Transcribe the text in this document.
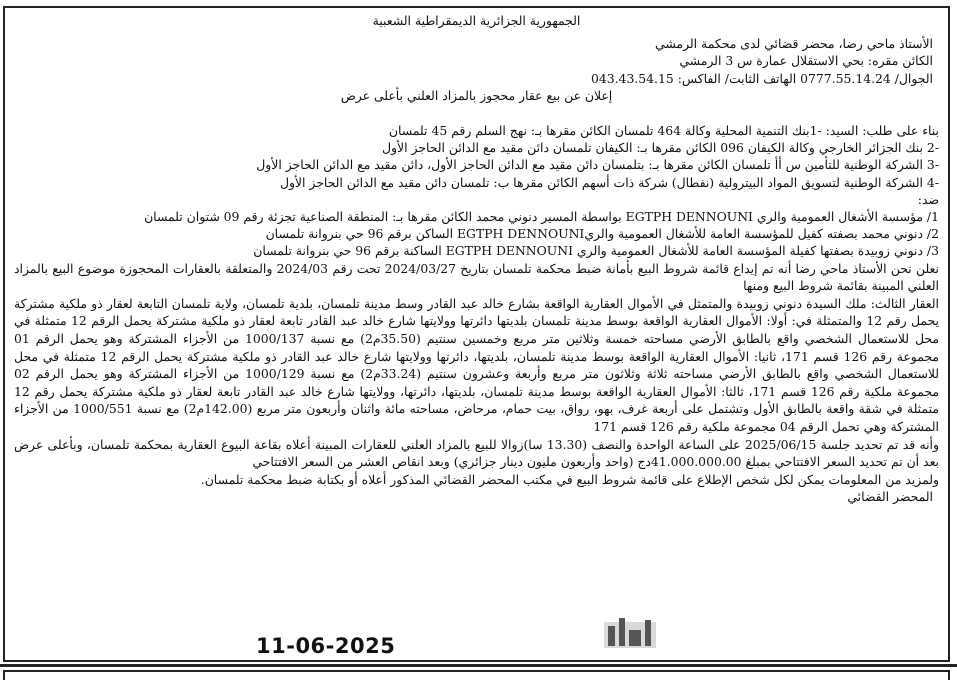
الجمهورية الجزائرية الديمقراطية الشعبية
الأستاذ ماحي رضا، محضر قضائي لدى محكمة الرمشي
الكائن مقره: بحي الاستقلال عمارة س 3 الرمشي
الجوال/ 0777.55.14.24 الهاتف الثابت/ الفاكس: 043.43.54.15
إعلان عن بيع عقار محجوز بالمزاد العلني بأعلى عرض
بناء على طلب: السيد: -1بنك التنمية المحلية وكالة 464 تلمسان الكائن مقرها بـ: نهج السلم رقم 45 تلمسان
-2 بنك الجزائر الخارجي وكالة الكيفان 096 الكائن مقرها بـ: الكيفان تلمسان دائن مقيد مع الدائن الحاجز الأول
-3 الشركة الوطنية للتأمين س أأ تلمسان الكائن مقرها بـ: بتلمسان دائن مقيد مع الدائن الحاجز الأول، دائن مقيد مع الدائن الحاجز الأول
-4 الشركة الوطنية لتسويق المواد البيترولية (نفطال) شركة ذات أسهم الكائن مقرها ب: تلمسان دائن مقيد مع الدائن الحاجز الأول
ضد:
1/ مؤسسة الأشغال العمومية والري EGTPH DENNOUNI بواسطة المسير دنوني محمد الكائن مقرها بـ: المنطقة الصناعية تجزئة رقم 09 شتوان تلمسان
2/ دنوني محمد بصفته كفيل للمؤسسة العامة للأشغال العمومية والريEGTPH DENNOUNI الساكن برقم 96 حي بنروانة تلمسان
3/ دنوني زوبيدة بصفتها كفيلة المؤسسة العامة للأشغال العمومية والري EGTPH DENNOUNI الساكنة برقم 96 حي بنروانة تلمسان
نعلن نحن الأستاذ ماحي رضا أنه تم إيداع قائمة شروط البيع بأمانة ضبط محكمة تلمسان بتاريخ 2024/03/27 تحت رقم 2024/03 والمتعلقة بالعقارات المحجوزة موضوع البيع بالمزاد العلني المبينة بقائمة شروط البيع ومنها
العقار الثالث: ملك السيدة دنوني زوبيدة والمتمثل في الأموال العقارية الواقعة بشارع خالد عبد القادر وسط مدينة تلمسان، بلدية تلمسان، ولاية تلمسان التابعة لعقار ذو ملكية مشتركة يحمل رقم 12 والمتمثلة في: أولا: الأموال العقارية الواقعة بوسط مدينة تلمسان بلديتها دائرتها وولايتها شارع خالد عبد القادر تابعة لعقار ذو ملكية مشتركة يحمل الرقم 12 متمثلة في محل للاستعمال الشخصي واقع بالطابق الأرضي مساحته خمسة وثلاثين متر مربع وخمسين سنتيم (35.50م2) مع نسبة 1000/137 من الأجزاء المشتركة وهو يحمل الرقم 01 مجموعة رقم 126 قسم 171، ثانيا: الأموال العقارية الواقعة بوسط مدينة تلمسان، بلديتها، دائرتها وولايتها شارع خالد عبد القادر ذو ملكية مشتركة يحمل الرقم 12 متمثلة في محل للاستعمال الشخصي واقع بالطابق الأرضي مساحته ثلاثة وثلاثون متر مربع وأربعة وعشرون سنتيم (33.24م2) مع نسبة 1000/129 من الأجزاء المشتركة وهو يحمل الرقم 02 مجموعة ملكية رقم 126 قسم 171، ثالثا: الأموال العقارية الواقعة بوسط مدينة تلمسان، بلديتها، دائرتها، وولايتها شارع خالد عبد القادر تابعة لعقار ذو ملكية مشتركة يحمل رقم 12 متمثلة في شقة واقعة بالطابق الأول وتشتمل على أربعة غرف، بهو، رواق، بيت حمام، مرحاض، مساحته مائة واثنان وأربعون متر مربع (142.00م2) مع نسبة 1000/551 من الأجزاء المشتركة وهي تحمل الرقم 04 مجموعة ملكية رقم 126 قسم 171
وأنه قد تم تحديد جلسة 2025/06/15 على الساعة الواحدة والنصف (13.30 سا)زوالا للبيع بالمزاد العلني للعقارات المبينة أعلاه بقاعة البيوع العقارية بمحكمة تلمسان، وبأعلى عرض بعد أن تم تحديد السعر الافتتاحي بمبلغ 41.000.000.00دج (واحد وأربعون مليون دينار جزائري) وبعد انقاص العشر من السعر الافتتاحي
ولمزيد من المعلومات يمكن لكل شخص الإطلاع على قائمة شروط البيع في مكتب المحضر القضائي المذكور أعلاه أو بكتابة ضبط محكمة تلمسان.
المحضر القضائي
11-06-2025
